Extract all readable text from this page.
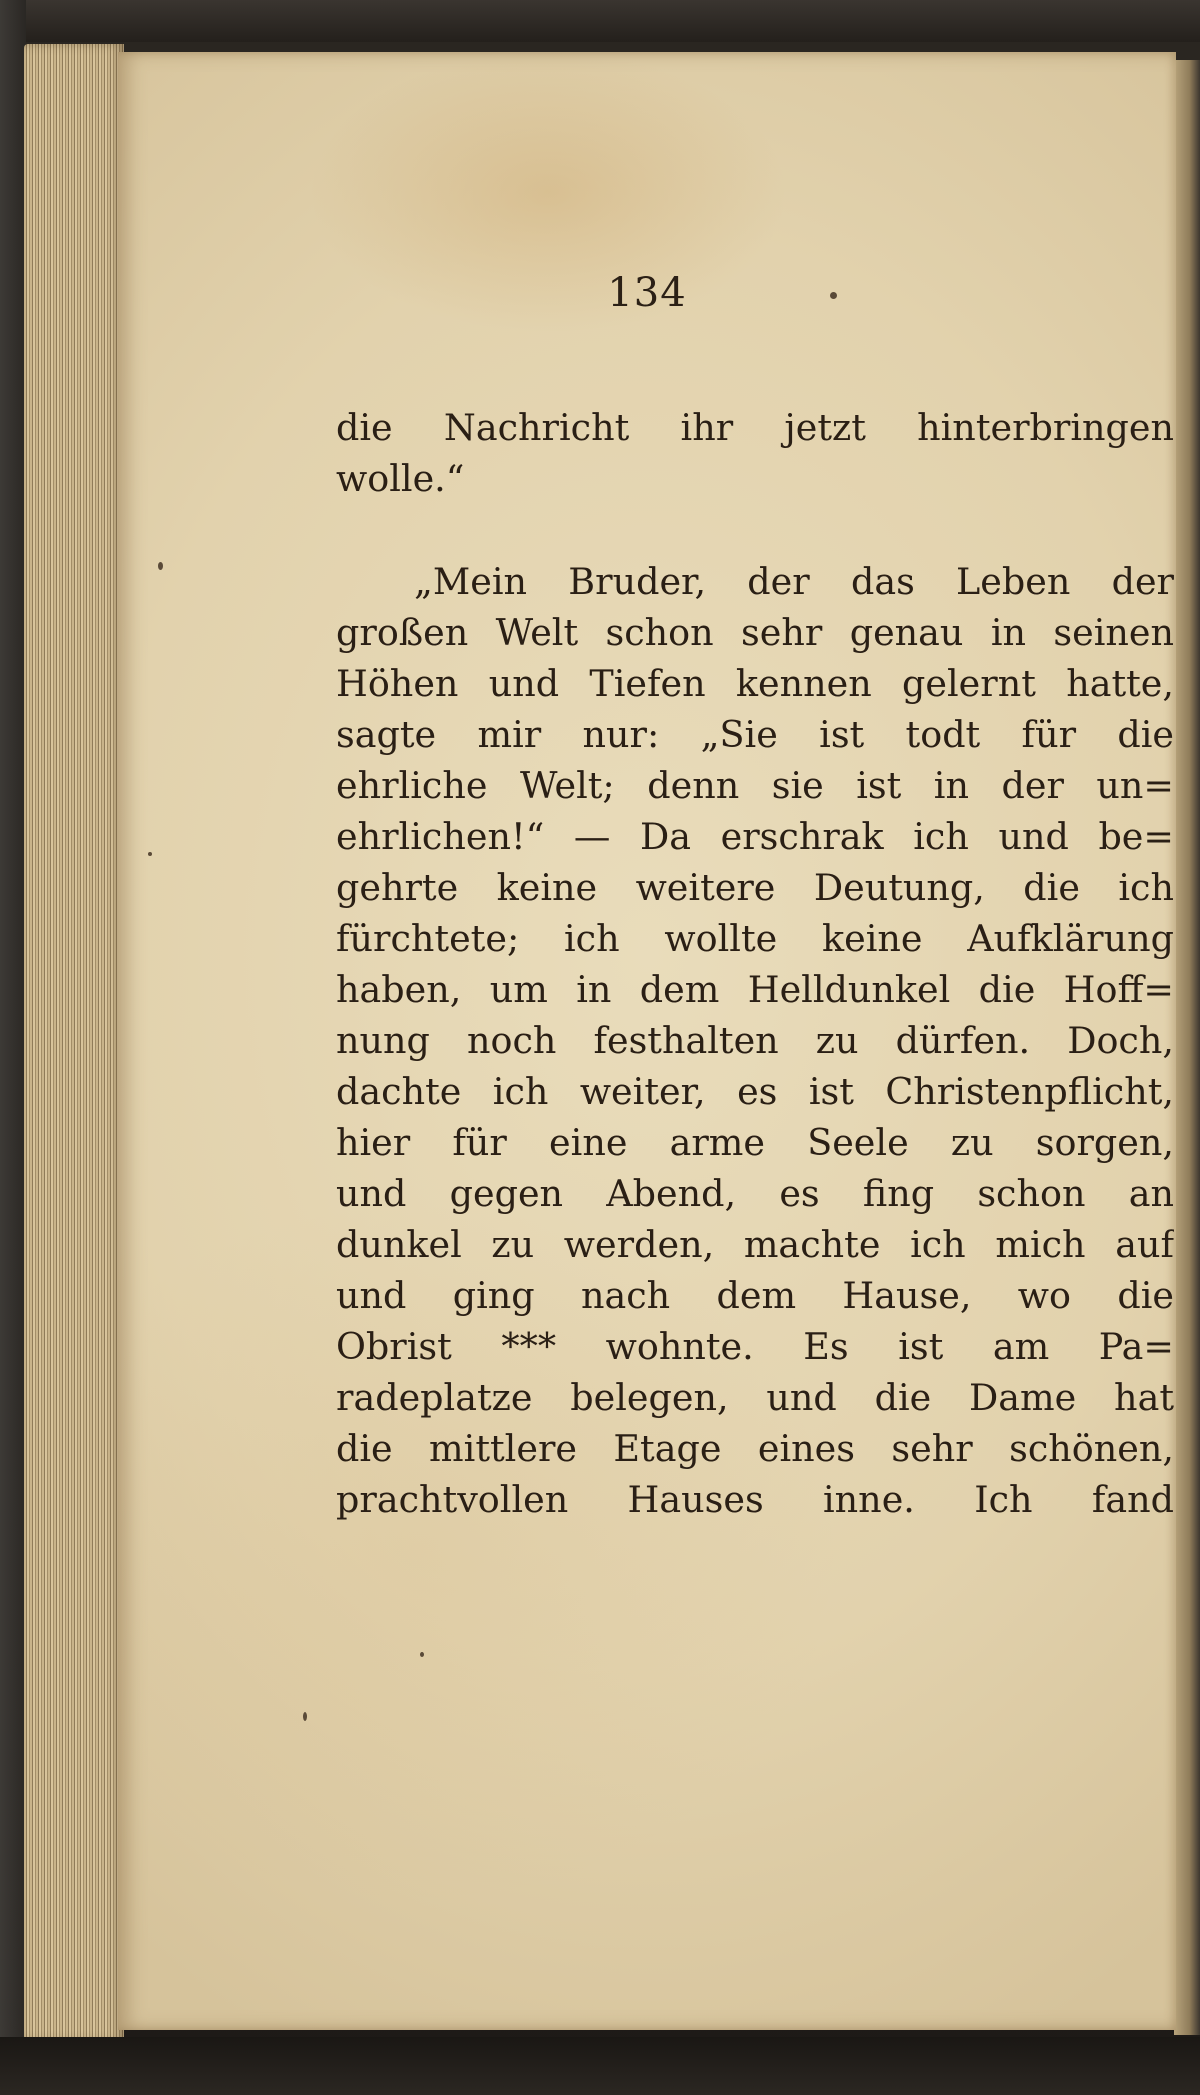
134
die Nachricht ihr jetzt hinterbringen
wolle.“
„Mein Bruder, der das Leben der
großen Welt schon sehr genau in seinen
Höhen und Tiefen kennen gelernt hatte,
sagte mir nur: „Sie ist todt für die
ehrliche Welt; denn sie ist in der un=
ehrlichen!“ — Da erschrak ich und be=
gehrte keine weitere Deutung, die ich
fürchtete; ich wollte keine Aufklärung
haben, um in dem Helldunkel die Hoff=
nung noch festhalten zu dürfen. Doch,
dachte ich weiter, es ist Christenpflicht,
hier für eine arme Seele zu sorgen,
und gegen Abend, es fing schon an
dunkel zu werden, machte ich mich auf
und ging nach dem Hause, wo die
Obrist *** wohnte. Es ist am Pa=
radeplatze belegen, und die Dame hat
die mittlere Etage eines sehr schönen,
prachtvollen Hauses inne. Ich fand
